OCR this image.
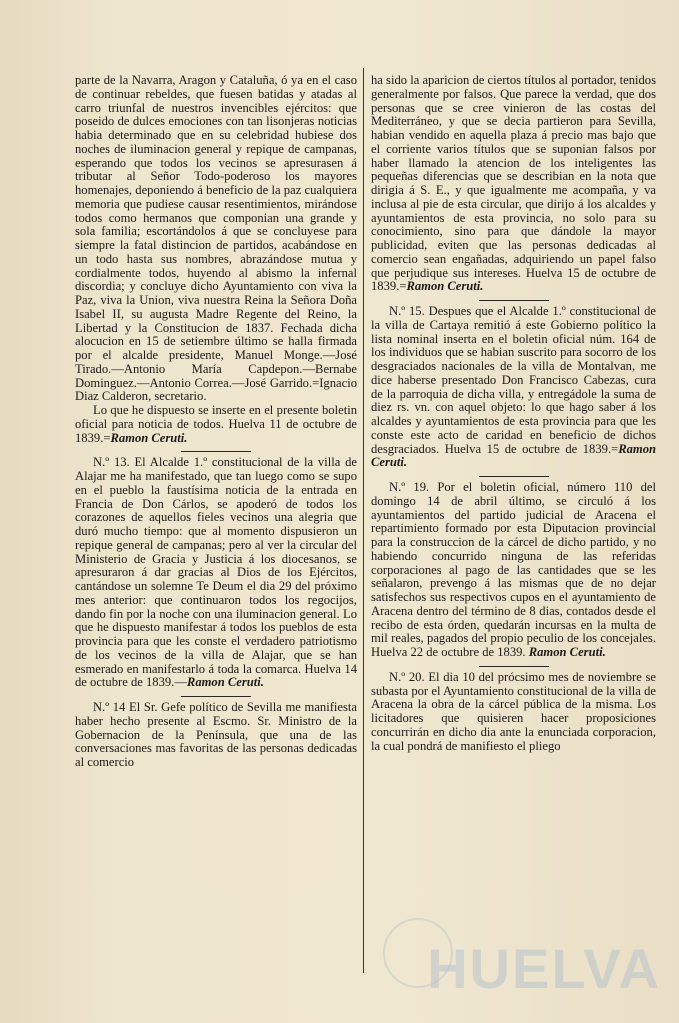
parte de la Navarra, Aragon y Cataluña, ó ya en el caso de continuar rebeldes, que fuesen batidas y atadas al carro triunfal de nuestros invencibles ejércitos: que poseido de dulces emociones con tan lisonjeras noticias habia determinado que en su celebridad hubiese dos noches de iluminacion general y repique de campanas, esperando que todos los vecinos se apresurasen á tributar al Señor Todo-poderoso los mayores homenajes, deponiendo á beneficio de la paz cualquiera memoria que pudiese causar resentimientos, mirándose todos como hermanos que componian una grande y sola familia; escortándolos á que se concluyese para siempre la fatal distincion de partidos, acabándose en un todo hasta sus nombres, abrazándose mutua y cordialmente todos, huyendo al abismo la infernal discordia; y concluye dicho Ayuntamiento con viva la Paz, viva la Union, viva nuestra Reina la Señora Doña Isabel II, su augusta Madre Regente del Reino, la Libertad y la Constitucion de 1837. Fechada dicha alocucion en 15 de setiembre último se halla firmada por el alcalde presidente, Manuel Monge.—José Tirado.—Antonio María Capdepon.—Bernabe Dominguez.—Antonio Correa.—José Garrido.=Ignacio Diaz Calderon, secretario.

Lo que he dispuesto se inserte en el presente boletin oficial para noticia de todos. Huelva 11 de octubre de 1839.=Ramon Ceruti.

N.º 13. El Alcalde 1.º constitucional de la villa de Alajar me ha manifestado, que tan luego como se supo en el pueblo la faustísima noticia de la entrada en Francia de Don Cárlos, se apoderó de todos los corazones de aquellos fieles vecinos una alegria que duró mucho tiempo: que al momento dispusieron un repique general de campanas; pero al ver la circular del Ministerio de Gracia y Justicia á los diocesanos, se apresuraron á dar gracias al Dios de los Ejércitos, cantándose un solemne Te Deum el dia 29 del próximo mes anterior: que continuaron todos los regocijos, dando fin por la noche con una iluminacion general. Lo que he dispuesto manifestar á todos los pueblos de esta provincia para que les conste el verdadero patriotismo de los vecinos de la villa de Alajar, que se han esmerado en manifestarlo á toda la comarca. Huelva 14 de octubre de 1839.—Ramon Ceruti.

N.º 14 El Sr. Gefe político de Sevilla me manifiesta haber hecho presente al Escmo. Sr. Ministro de la Gobernacion de la Península, que una de las conversaciones mas favoritas de las personas dedicadas al comercio

ha sido la aparicion de ciertos títulos al portador, tenidos generalmente por falsos. Que parece la verdad, que dos personas que se cree vinieron de las costas del Mediterráneo, y que se decia partieron para Sevilla, habian vendido en aquella plaza á precio mas bajo que el corriente varios títulos que se suponian falsos por haber llamado la atencion de los inteligentes las pequeñas diferencias que se describian en la nota que dirigia á S. E., y que igualmente me acompaña, y va inclusa al pie de esta circular, que dirijo á los alcaldes y ayuntamientos de esta provincia, no solo para su conocimiento, sino para que dándole la mayor publicidad, eviten que las personas dedicadas al comercio sean engañadas, adquiriendo un papel falso que perjudique sus intereses. Huelva 15 de octubre de 1839.=Ramon Ceruti.

N.º 15. Despues que el Alcalde 1.º constitucional de la villa de Cartaya remitió á este Gobierno político la lista nominal inserta en el boletin oficial núm. 164 de los individuos que se habian suscrito para socorro de los desgraciados nacionales de la villa de Montalvan, me dice haberse presentado Don Francisco Cabezas, cura de la parroquia de dicha villa, y entregádole la suma de diez rs. vn. con aquel objeto: lo que hago saber á los alcaldes y ayuntamientos de esta provincia para que les conste este acto de caridad en beneficio de dichos desgraciados. Huelva 15 de octubre de 1839.=Ramon Ceruti.

N.º 19. Por el boletin oficial, número 110 del domingo 14 de abril último, se circuló á los ayuntamientos del partido judicial de Aracena el repartimiento formado por esta Diputacion provincial para la construccion de la cárcel de dicho partido, y no habiendo concurrido ninguna de las referidas corporaciones al pago de las cantidades que se les señalaron, prevengo á las mismas que de no dejar satisfechos sus respectivos cupos en el ayuntamiento de Aracena dentro del término de 8 dias, contados desde el recibo de esta órden, quedarán incursas en la multa de mil reales, pagados del propio peculio de los concejales. Huelva 22 de octubre de 1839. Ramon Ceruti.

N.º 20. El dia 10 del prócsimo mes de noviembre se subasta por el Ayuntamiento constitucional de la villa de Aracena la obra de la cárcel pública de la misma. Los licitadores que quisieren hacer proposiciones concurrirán en dicho dia ante la enunciada corporacion, la cual pondrá de manifiesto el pliego

HUELVA
